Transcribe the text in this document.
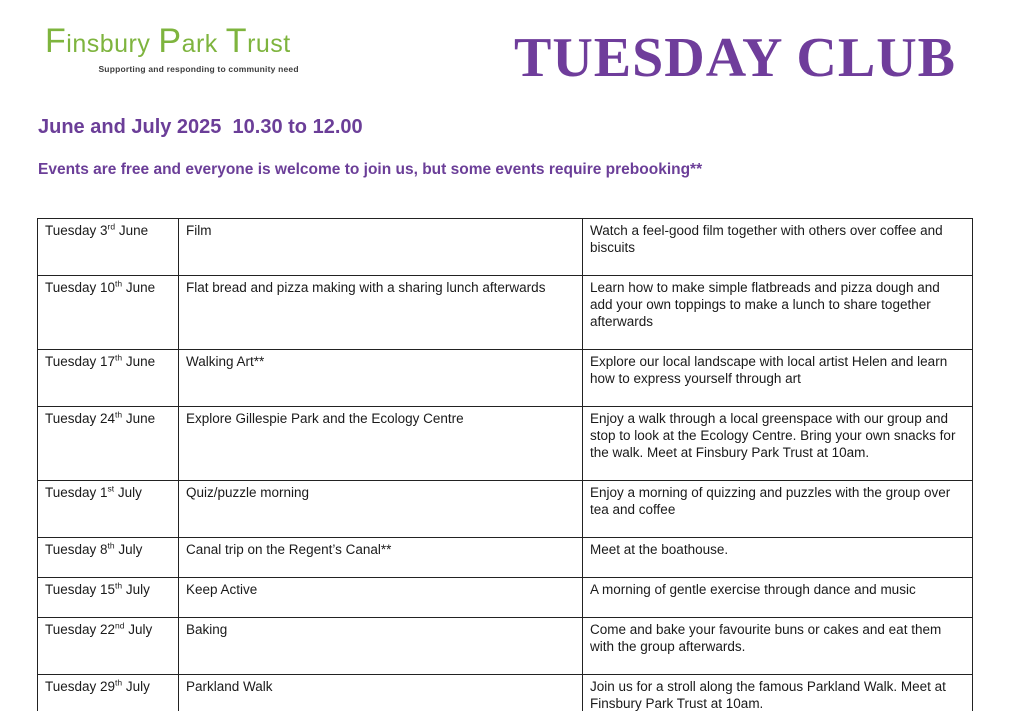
Finsbury Park Trust
Supporting and responding to community need	TUESDAY CLUB
June and July 2025  10.30 to 12.00
Events are free and everyone is welcome to join us, but some events require prebooking**
Tuesday 3rd June	Film	Watch a feel-good film together with others over coffee and biscuits
Tuesday 10th June	Flat bread and pizza making with a sharing lunch afterwards	Learn how to make simple flatbreads and pizza dough and add your own toppings to make a lunch to share together afterwards
Tuesday 17th June	Walking Art**	Explore our local landscape with local artist Helen and learn how to express yourself through art
Tuesday 24th June	Explore Gillespie Park and the Ecology Centre	Enjoy a walk through a local greenspace with our group and stop to look at the Ecology Centre. Bring your own snacks for the walk. Meet at Finsbury Park Trust at 10am.
Tuesday 1st July	Quiz/puzzle morning	Enjoy a morning of quizzing and puzzles with the group over tea and coffee
Tuesday 8th July	Canal trip on the Regent’s Canal**	Meet at the boathouse.
Tuesday 15th July	Keep Active	A morning of gentle exercise through dance and music
Tuesday 22nd July	Baking	Come and bake your favourite buns or cakes and eat them with the group afterwards.
Tuesday 29th July	Parkland Walk	Join us for a stroll along the famous Parkland Walk. Meet at Finsbury Park Trust at 10am.
